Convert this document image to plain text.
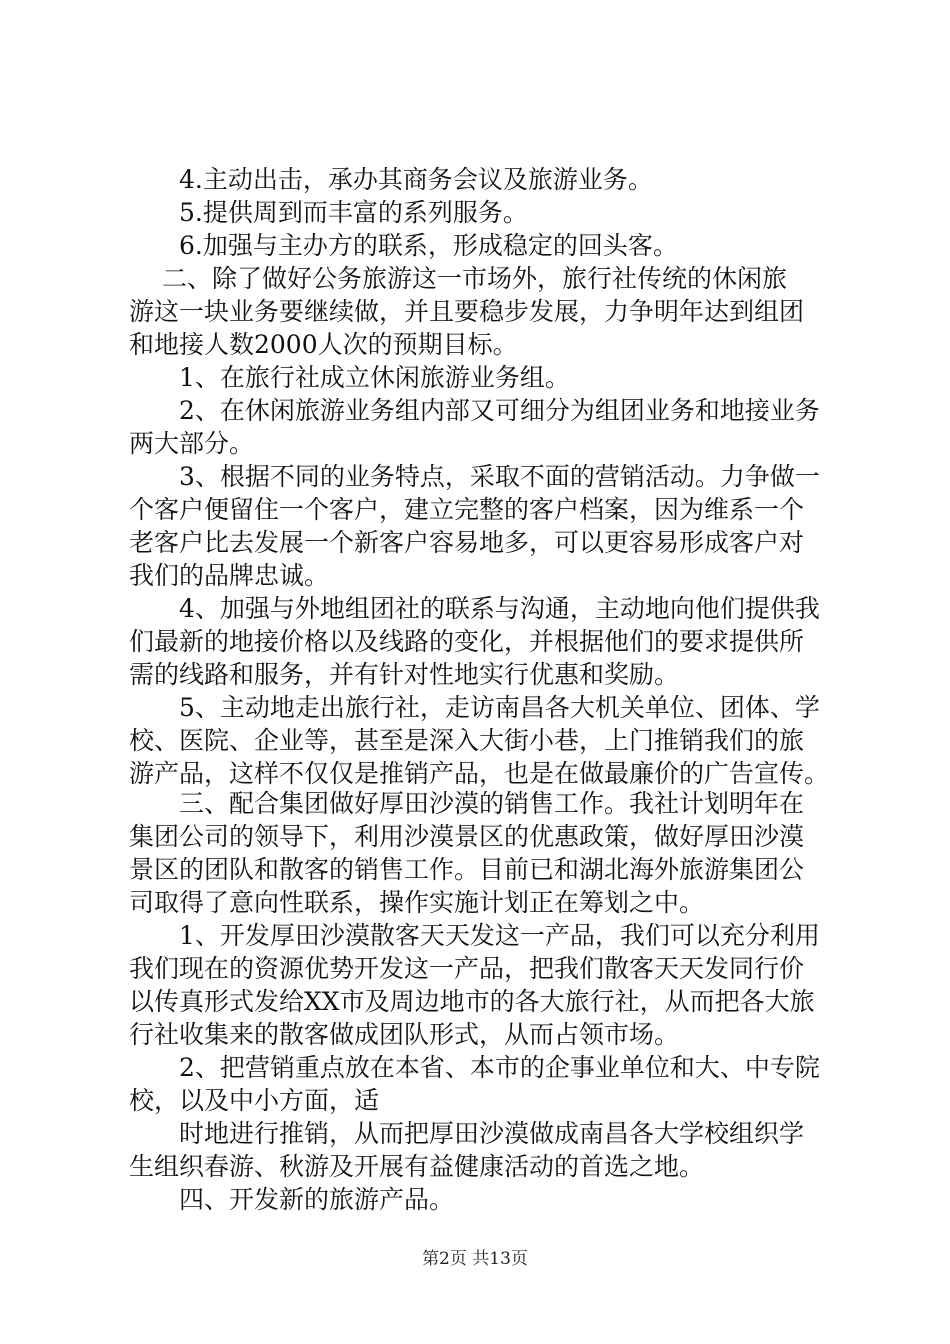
　　4.主动出击，承办其商务会议及旅游业务。

　　5.提供周到而丰富的系列服务。

　　6.加强与主办方的联系，形成稳定的回头客。

　 二、除了做好公务旅游这一市场外，旅行社传统的休闲旅
游这一块业务要继续做，并且要稳步发展，力争明年达到组团
和地接人数2000人次的预期目标。

　　1、在旅行社成立休闲旅游业务组。

　　2、在休闲旅游业务组内部又可细分为组团业务和地接业务
两大部分。

　　3、根据不同的业务特点，采取不面的营销活动。力争做一
个客户便留住一个客户，建立完整的客户档案，因为维系一个
老客户比去发展一个新客户容易地多，可以更容易形成客户对
我们的品牌忠诚。

　　4、加强与外地组团社的联系与沟通，主动地向他们提供我
们最新的地接价格以及线路的变化，并根据他们的要求提供所
需的线路和服务，并有针对性地实行优惠和奖励。

　　5、主动地走出旅行社，走访南昌各大机关单位、团体、学
校、医院、企业等，甚至是深入大街小巷，上门推销我们的旅
游产品，这样不仅仅是推销产品，也是在做最廉价的广告宣传。

　　三、配合集团做好厚田沙漠的销售工作。我社计划明年在
集团公司的领导下，利用沙漠景区的优惠政策，做好厚田沙漠
景区的团队和散客的销售工作。目前已和湖北海外旅游集团公
司取得了意向性联系，操作实施计划正在筹划之中。

　　1、开发厚田沙漠散客天天发这一产品，我们可以充分利用
我们现在的资源优势开发这一产品，把我们散客天天发同行价
以传真形式发给XX市及周边地市的各大旅行社，从而把各大旅
行社收集来的散客做成团队形式，从而占领市场。

　　2、把营销重点放在本省、本市的企事业单位和大、中专院
校，以及中小方面，适

　　时地进行推销，从而把厚田沙漠做成南昌各大学校组织学
生组织春游、秋游及开展有益健康活动的首选之地。

　　四、开发新的旅游产品。

第2页 共13页
